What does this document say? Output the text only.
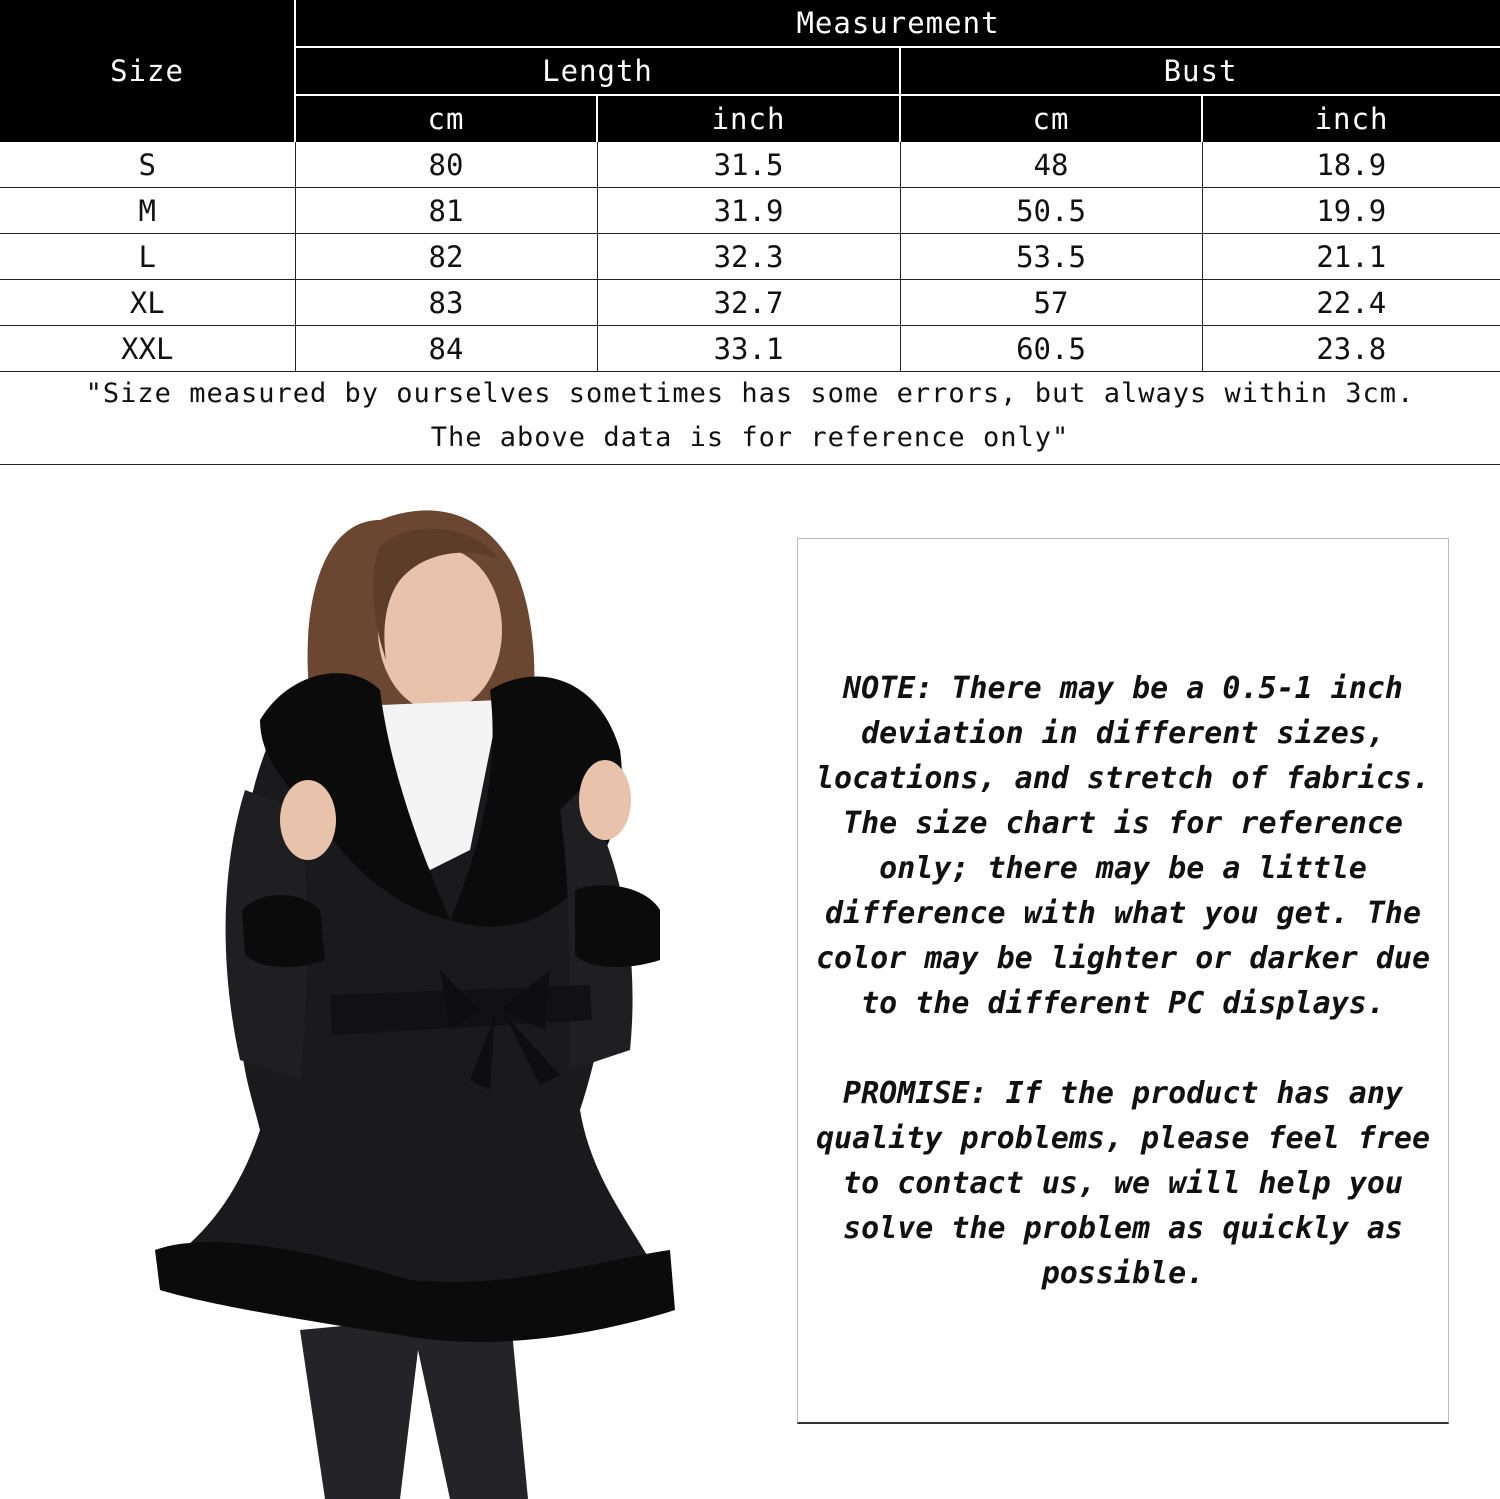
Size	Measurement			
	Length		Bust	
	cm	inch	cm	inch
S	80	31.5	48	18.9
M	81	31.9	50.5	19.9
L	82	32.3	53.5	21.1
XL	83	32.7	57	22.4
XXL	84	33.1	60.5	23.8
"Size measured by ourselves sometimes has some errors, but always within 3cm.
The above data is for reference only"

NOTE: There may be a 0.5-1 inch deviation in different sizes, locations, and stretch of fabrics. The size chart is for reference only; there may be a little difference with what you get. The color may be lighter or darker due to the different PC displays.

PROMISE: If the product has any quality problems, please feel free to contact us, we will help you solve the problem as quickly as possible.
